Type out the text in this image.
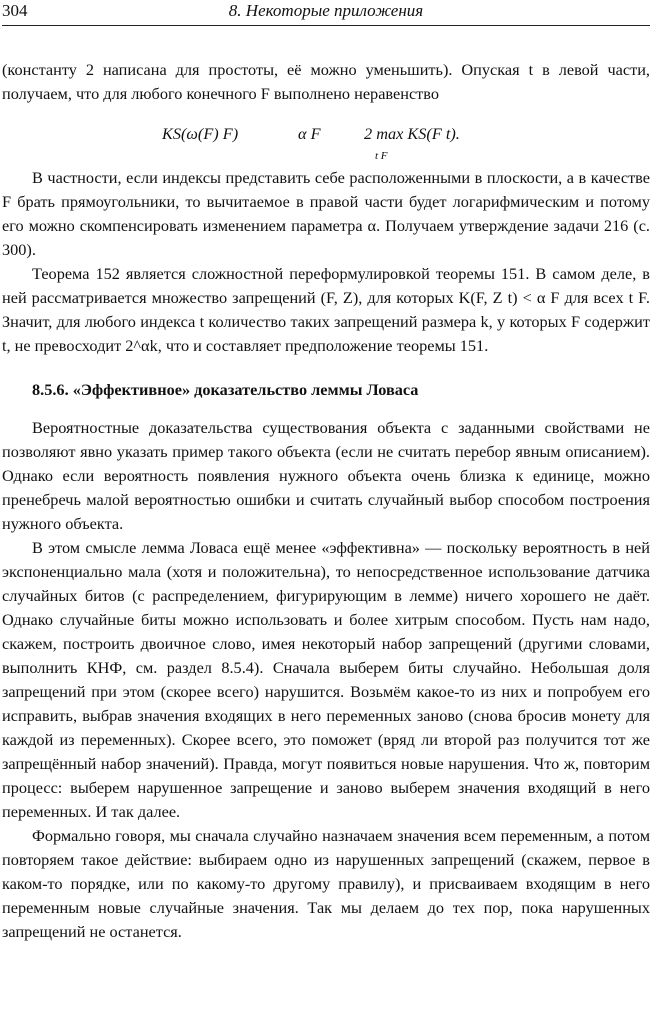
304	8. Некоторые приложения

(константу 2 написана для простоты, её можно уменьшить). Опуская t в левой части, получаем, что для любого конечного F выполнено неравенство

KS(ω(F) F)	α F	2 max KS(F t).
t F

В частности, если индексы представить себе расположенными в плоскости, а в качестве F брать прямоугольники, то вычитаемое в правой части будет логарифмическим и потому его можно скомпенсировать изменением параметра α. Получаем утверждение задачи 216 (с. 300).

Теорема 152 является сложностной переформулировкой теоремы 151. В самом деле, в ней рассматривается множество запрещений (F, Z), для которых K(F, Z t) < α F для всех t F. Значит, для любого индекса t количество таких запрещений размера k, у которых F содержит t, не превосходит 2^αk, что и составляет предположение теоремы 151.

8.5.6. «Эффективное» доказательство леммы Ловаса

Вероятностные доказательства существования объекта с заданными свойствами не позволяют явно указать пример такого объекта (если не считать перебор явным описанием). Однако если вероятность появления нужного объекта очень близка к единице, можно пренебречь малой вероятностью ошибки и считать случайный выбор способом построения нужного объекта.

В этом смысле лемма Ловаса ещё менее «эффективна» — поскольку вероятность в ней экспоненциально мала (хотя и положительна), то непосредственное использование датчика случайных битов (с распределением, фигурирующим в лемме) ничего хорошего не даёт. Однако случайные биты можно использовать и более хитрым способом. Пусть нам надо, скажем, построить двоичное слово, имея некоторый набор запрещений (другими словами, выполнить КНФ, см. раздел 8.5.4). Сначала выберем биты случайно. Небольшая доля запрещений при этом (скорее всего) нарушится. Возьмём какое-то из них и попробуем его исправить, выбрав значения входящих в него переменных заново (снова бросив монету для каждой из переменных). Скорее всего, это поможет (вряд ли второй раз получится тот же запрещённый набор значений). Правда, могут появиться новые нарушения. Что ж, повторим процесс: выберем нарушенное запрещение и заново выберем значения входящий в него переменных. И так далее.

Формально говоря, мы сначала случайно назначаем значения всем переменным, а потом повторяем такое действие: выбираем одно из нарушенных запрещений (скажем, первое в каком-то порядке, или по какому-то другому правилу), и присваиваем входящим в него переменным новые случайные значения. Так мы делаем до тех пор, пока нарушенных запрещений не останется.
